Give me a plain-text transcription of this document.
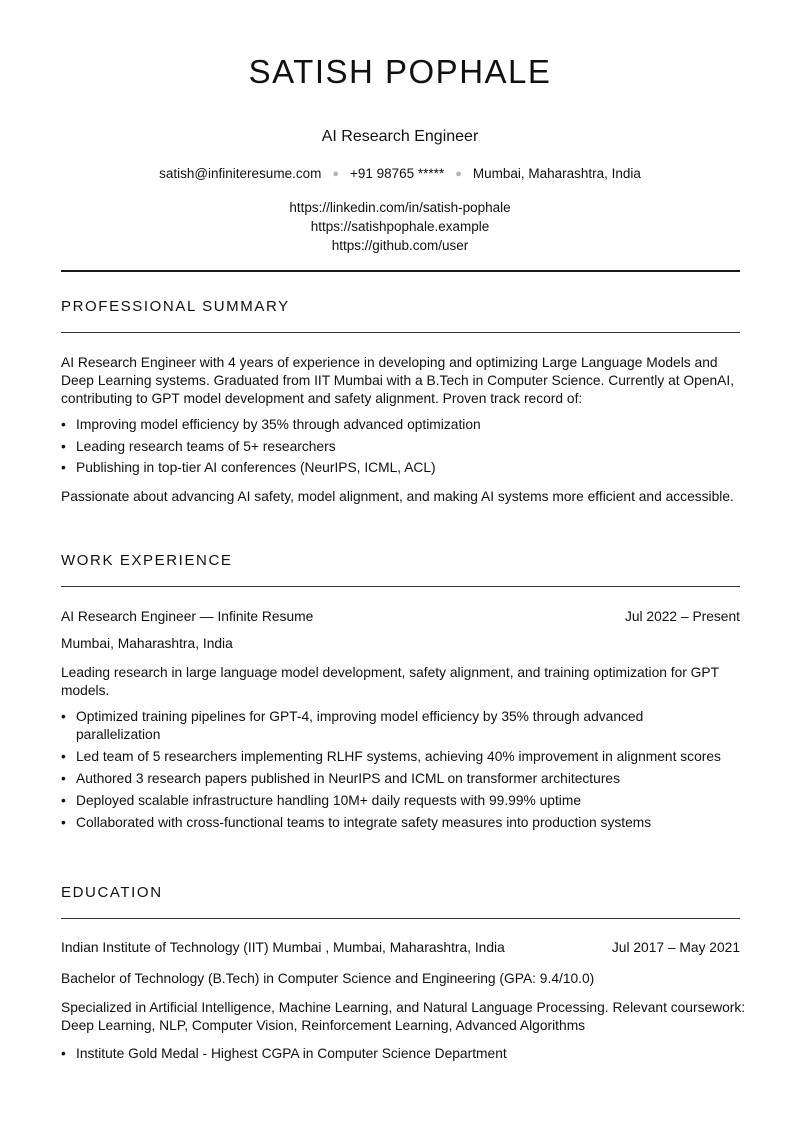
SATISH POPHALE
AI Research Engineer
satish@infiniteresume.com ● +91 98765 ***** ● Mumbai, Maharashtra, India
https://linkedin.com/in/satish-pophale
https://satishpophale.example
https://github.com/user
PROFESSIONAL SUMMARY
AI Research Engineer with 4 years of experience in developing and optimizing Large Language Models and Deep Learning systems. Graduated from IIT Mumbai with a B.Tech in Computer Science. Currently at OpenAI, contributing to GPT model development and safety alignment. Proven track record of:
• Improving model efficiency by 35% through advanced optimization
• Leading research teams of 5+ researchers
• Publishing in top-tier AI conferences (NeurIPS, ICML, ACL)
Passionate about advancing AI safety, model alignment, and making AI systems more efficient and accessible.
WORK EXPERIENCE
AI Research Engineer — Infinite Resume	Jul 2022 – Present
Mumbai, Maharashtra, India
Leading research in large language model development, safety alignment, and training optimization for GPT models.
• Optimized training pipelines for GPT-4, improving model efficiency by 35% through advanced parallelization
• Led team of 5 researchers implementing RLHF systems, achieving 40% improvement in alignment scores
• Authored 3 research papers published in NeurIPS and ICML on transformer architectures
• Deployed scalable infrastructure handling 10M+ daily requests with 99.99% uptime
• Collaborated with cross-functional teams to integrate safety measures into production systems
EDUCATION
Indian Institute of Technology (IIT) Mumbai , Mumbai, Maharashtra, India	Jul 2017 – May 2021
Bachelor of Technology (B.Tech) in Computer Science and Engineering (GPA: 9.4/10.0)
Specialized in Artificial Intelligence, Machine Learning, and Natural Language Processing. Relevant coursework: Deep Learning, NLP, Computer Vision, Reinforcement Learning, Advanced Algorithms
• Institute Gold Medal - Highest CGPA in Computer Science Department
